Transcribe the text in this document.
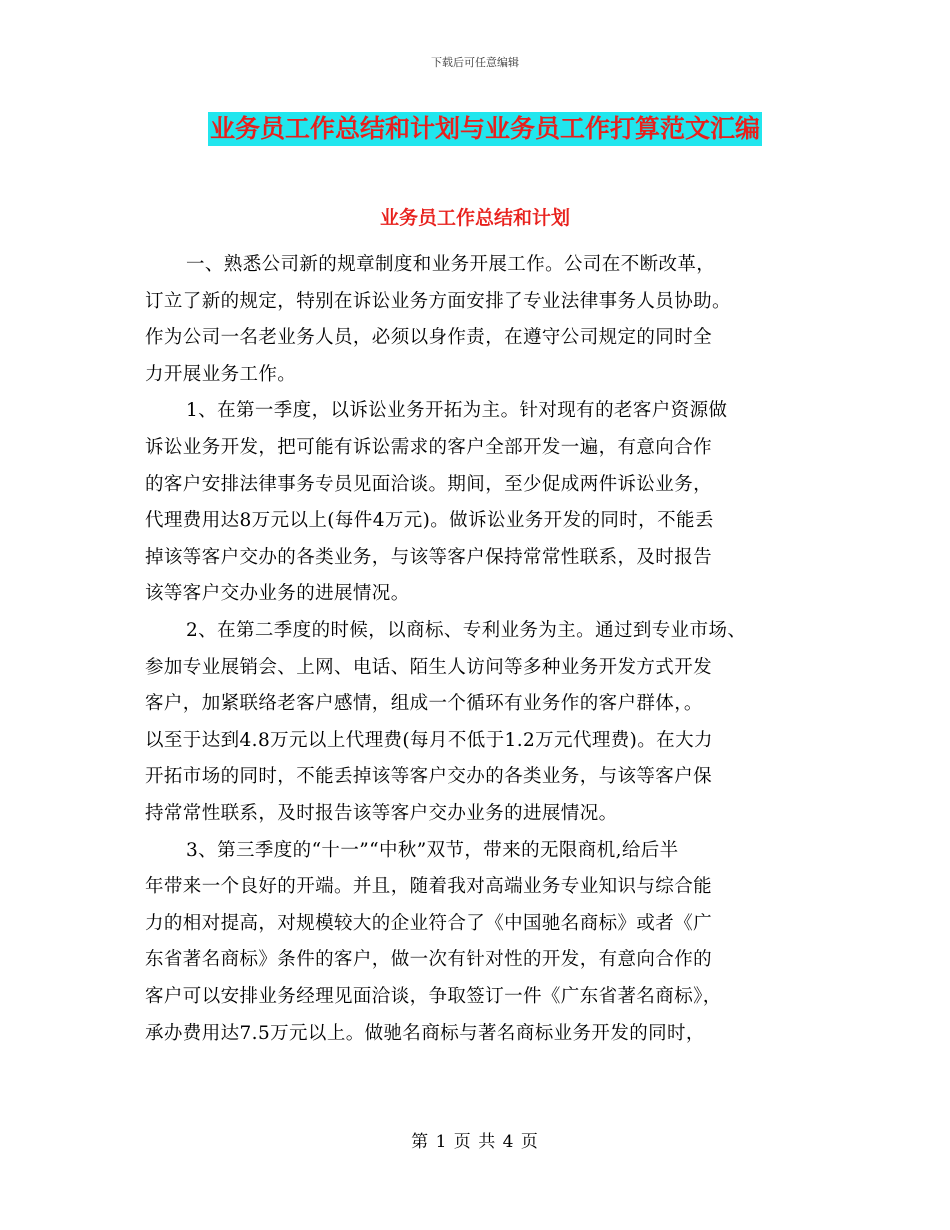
下载后可任意编辑
业务员工作总结和计划与业务员工作打算范文汇编
业务员工作总结和计划
一、熟悉公司新的规章制度和业务开展工作。公司在不断改革，
订立了新的规定，特别在诉讼业务方面安排了专业法律事务人员协助。
作为公司一名老业务人员，必须以身作责，在遵守公司规定的同时全
力开展业务工作。
1、在第一季度，以诉讼业务开拓为主。针对现有的老客户资源做
诉讼业务开发，把可能有诉讼需求的客户全部开发一遍，有意向合作
的客户安排法律事务专员见面洽谈。期间，至少促成两件诉讼业务，
代理费用达8万元以上(每件4万元)。做诉讼业务开发的同时，不能丢
掉该等客户交办的各类业务，与该等客户保持常常性联系，及时报告
该等客户交办业务的进展情况。
2、在第二季度的时候，以商标、专利业务为主。通过到专业市场、
参加专业展销会、上网、电话、陌生人访问等多种业务开发方式开发
客户，加紧联络老客户感情，组成一个循环有业务作的客户群体，。
以至于达到4.8万元以上代理费(每月不低于1.2万元代理费)。在大力
开拓市场的同时，不能丢掉该等客户交办的各类业务，与该等客户保
持常常性联系，及时报告该等客户交办业务的进展情况。
3、第三季度的“十一”“中秋”双节，带来的无限商机,给后半
年带来一个良好的开端。并且，随着我对高端业务专业知识与综合能
力的相对提高，对规模较大的企业符合了《中国驰名商标》或者《广
东省著名商标》条件的客户，做一次有针对性的开发，有意向合作的
客户可以安排业务经理见面洽谈，争取签订一件《广东省著名商标》，
承办费用达7.5万元以上。做驰名商标与著名商标业务开发的同时，
第 1 页 共 4 页
